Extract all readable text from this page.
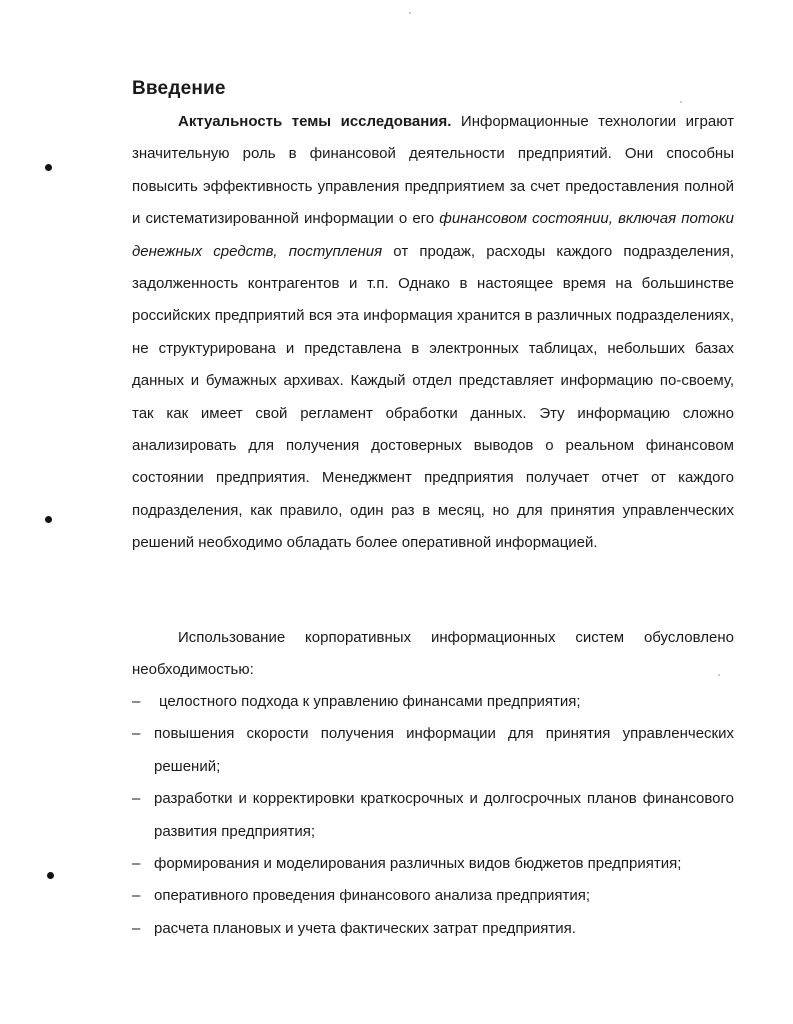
Введение

Актуальность темы исследования. Информационные технологии играют значительную роль в финансовой деятельности предприятий. Они способны повысить эффективность управления предприятием за счет предоставления полной и систематизированной информации о его финансовом состоянии, включая потоки денежных средств, поступления от продаж, расходы каждого подразделения, задолженность контрагентов и т.п. Однако в настоящее время на большинстве российских предприятий вся эта информация хранится в различных подразделениях, не структурирована и представлена в электронных таблицах, небольших базах данных и бумажных архивах. Каждый отдел представляет информацию по-своему, так как имеет свой регламент обработки данных. Эту информацию сложно анализировать для получения достоверных выводов о реальном финансовом состоянии предприятия. Менеджмент предприятия получает отчет от каждого подразделения, как правило, один раз в месяц, но для принятия управленческих решений необходимо обладать более оперативной информацией.

Использование корпоративных информационных систем обусловлено необходимостью:

– целостного подхода к управлению финансами предприятия;
– повышения скорости получения информации для принятия управленческих решений;
– разработки и корректировки краткосрочных и долгосрочных планов финансового развития предприятия;
– формирования и моделирования различных видов бюджетов предприятия;
– оперативного проведения финансового анализа предприятия;
– расчета плановых и учета фактических затрат предприятия.
